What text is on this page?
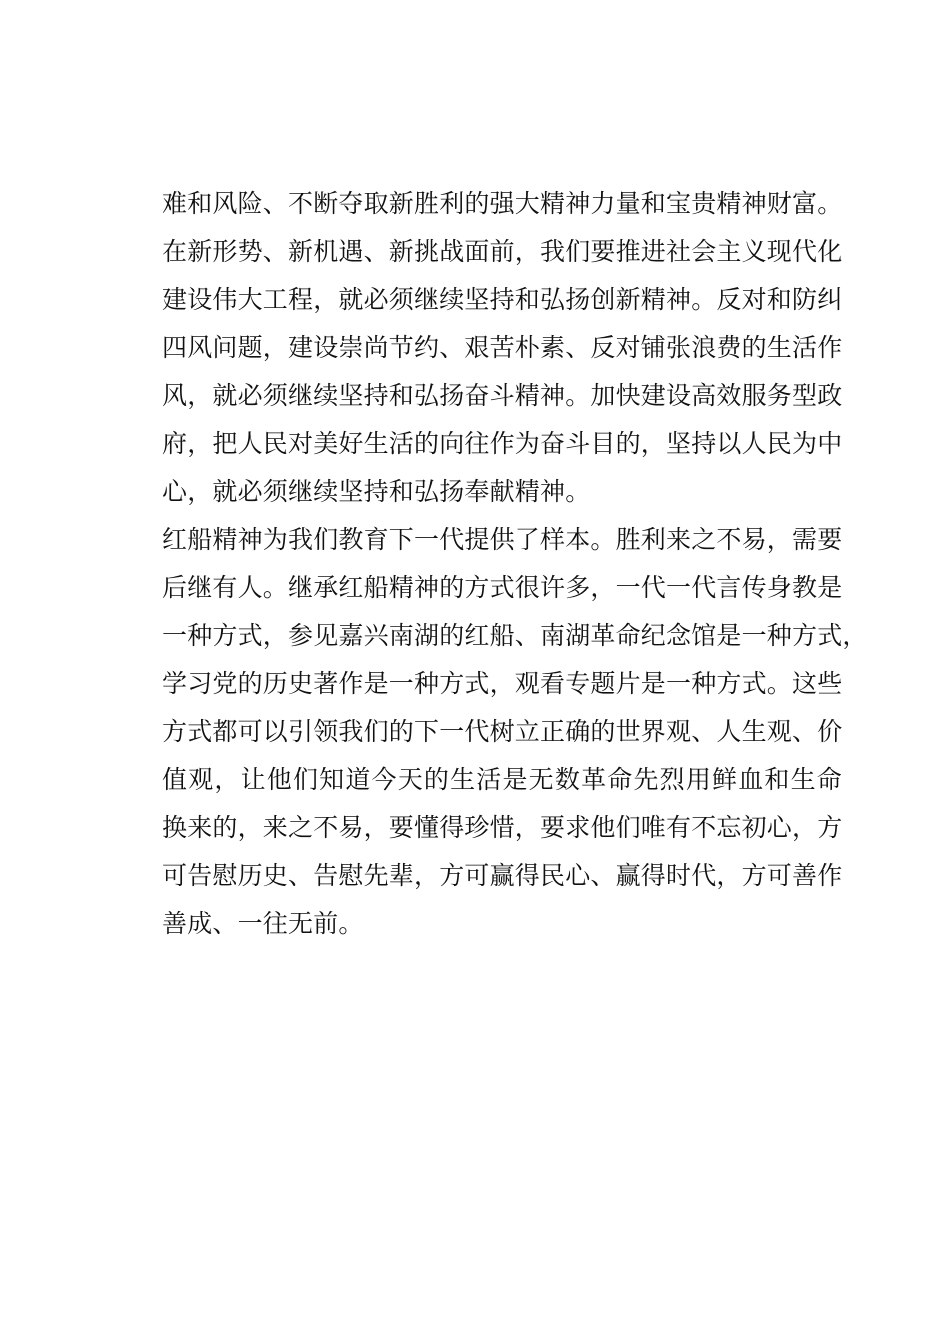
难和风险、不断夺取新胜利的强大精神力量和宝贵精神财富。
在新形势、新机遇、新挑战面前，我们要推进社会主义现代化
建设伟大工程，就必须继续坚持和弘扬创新精神。反对和防纠
四风问题，建设崇尚节约、艰苦朴素、反对铺张浪费的生活作
风，就必须继续坚持和弘扬奋斗精神。加快建设高效服务型政
府，把人民对美好生活的向往作为奋斗目的，坚持以人民为中
心，就必须继续坚持和弘扬奉献精神。
红船精神为我们教育下一代提供了样本。胜利来之不易，需要
后继有人。继承红船精神的方式很许多，一代一代言传身教是
一种方式，参见嘉兴南湖的红船、南湖革命纪念馆是一种方式，
学习党的历史著作是一种方式，观看专题片是一种方式。这些
方式都可以引领我们的下一代树立正确的世界观、人生观、价
值观，让他们知道今天的生活是无数革命先烈用鲜血和生命
换来的，来之不易，要懂得珍惜，要求他们唯有不忘初心，方
可告慰历史、告慰先辈，方可赢得民心、赢得时代，方可善作
善成、一往无前。
